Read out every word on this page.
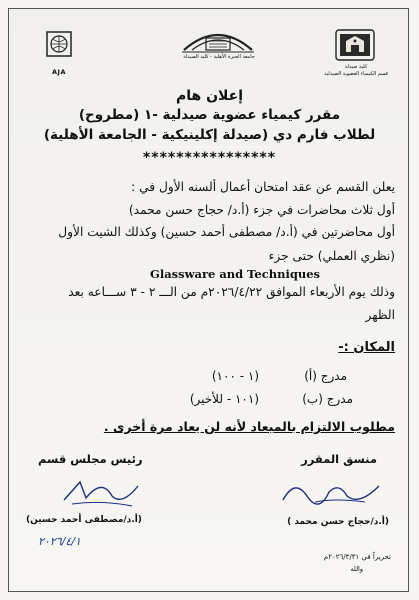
AJA
جامعة الجيزة الأهلية - كلية الصيدلة
كلية صيدلة
قسم الكيمياء العضوية الصيدلية
إعلان هام
مقرر كيمياء عضوية صيدلية -١ (مطروح)
لطلاب فارم دي (صيدلة إكلينيكية - الجامعة الأهلية)
****************
يعلن القسم عن عقد امتحان أعمال ألسنه الأول في :
أول ثلاث محاضرات في جزء (أ.د/ حجاج حسن محمد)
أول محاضرتين في (أ.د/ مصطفى أحمد حسين) وكذلك الشيت الأول
(نظري العملي) حتى جزء
Glassware and Techniques
وذلك يوم الأربعاء الموافق ٢٠٢٦/٤/٢٢م من الـــ ٢ - ٣ ســـاعه بعد
الظهر
المكان :-
مدرج (أ)
(١ - ١٠٠)
مدرج (ب)
(١٠١ - للأخير)
مطلوب الالتزام بالميعاد لأنه لن يعاد مرة أخرى .
منسق المقرر
رئيس مجلس قسم
(أ.د/حجاج حسن محمد )
(أ.د/مصطفى أحمد حسين)
٢٠٢٦/٤/١
تحريراً في ٢٠٢٦/٣/٣١م
والله
